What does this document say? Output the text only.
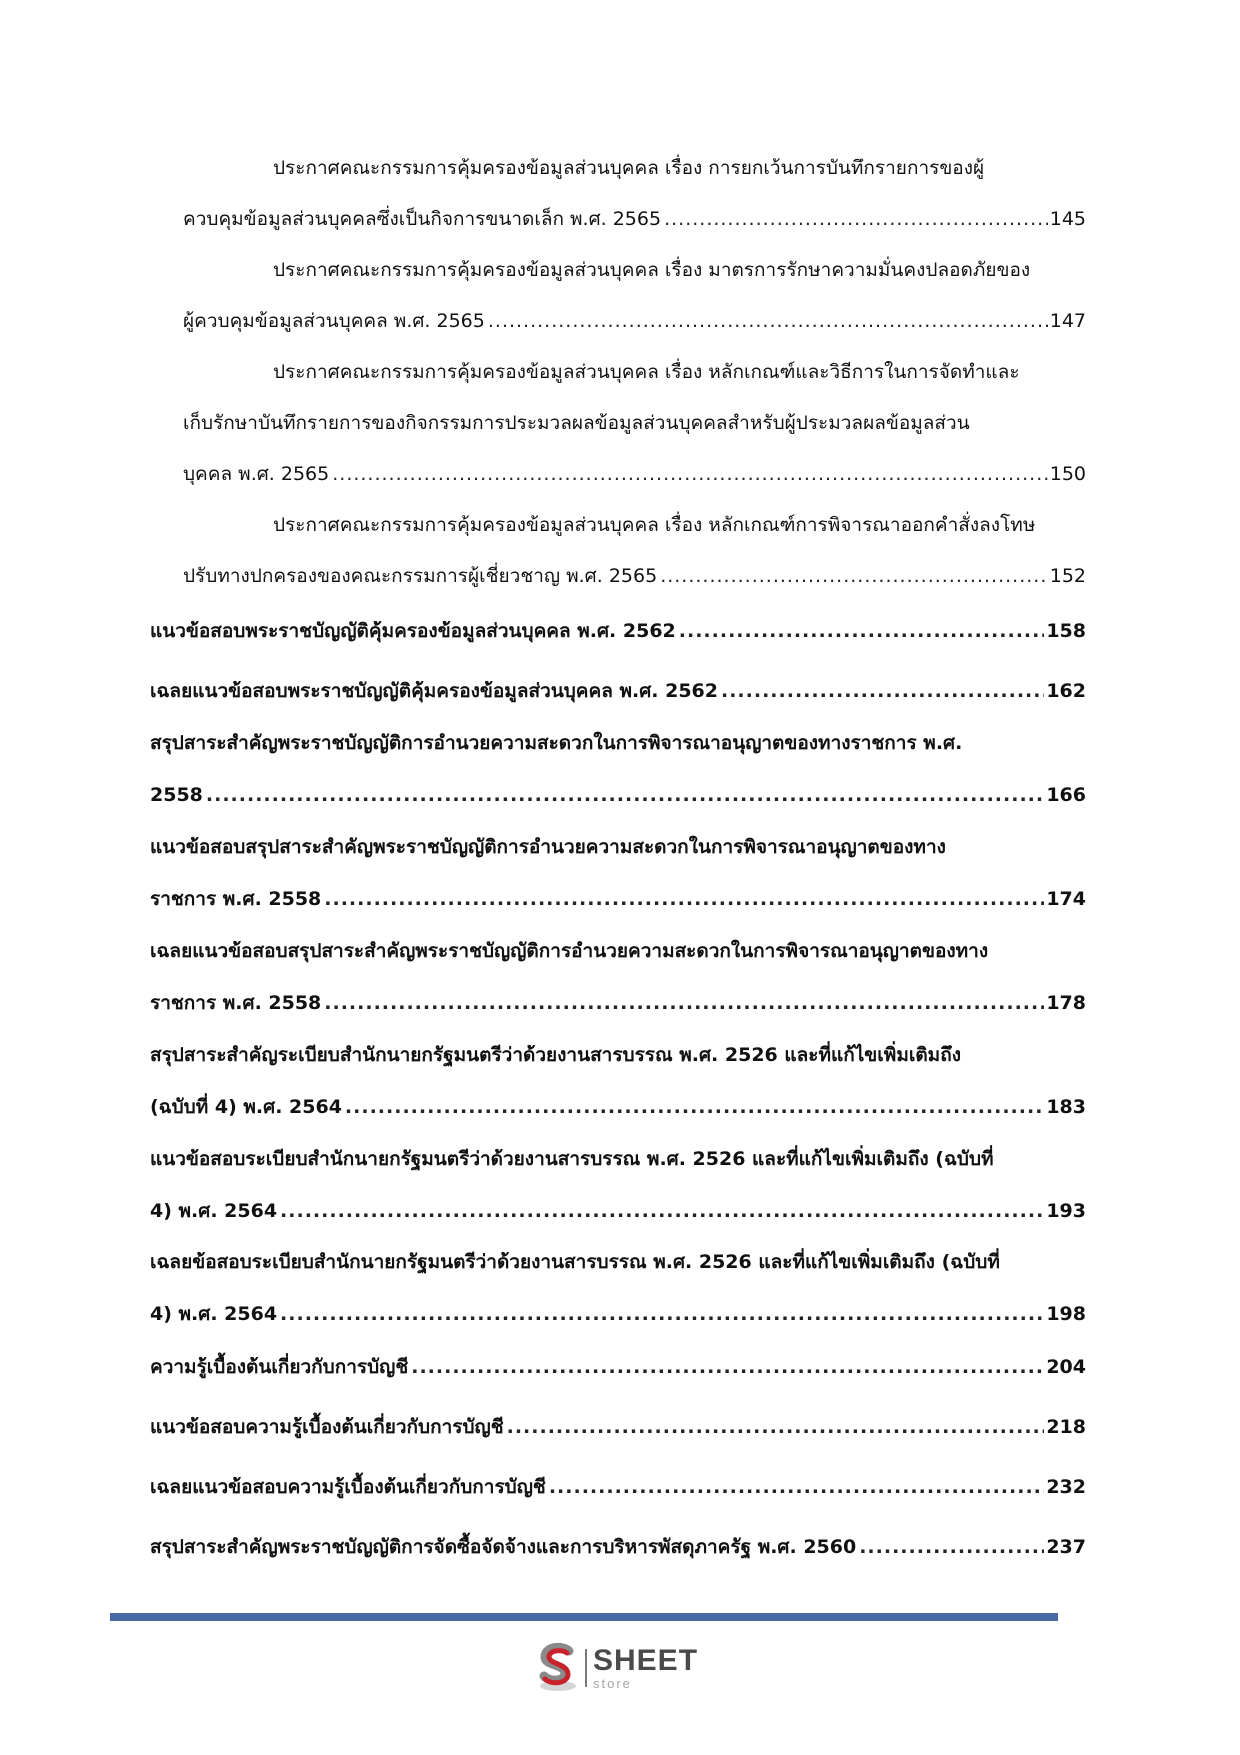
ประกาศคณะกรรมการคุ้มครองข้อมูลส่วนบุคคล เรื่อง การยกเว้นการบันทึกรายการของผู้
ควบคุมข้อมูลส่วนบุคคลซึ่งเป็นกิจการขนาดเล็ก พ.ศ. 2565 .....	145
ประกาศคณะกรรมการคุ้มครองข้อมูลส่วนบุคคล เรื่อง มาตรการรักษาความมั่นคงปลอดภัยของ
ผู้ควบคุมข้อมูลส่วนบุคคล พ.ศ. 2565 .....	147
ประกาศคณะกรรมการคุ้มครองข้อมูลส่วนบุคคล เรื่อง หลักเกณฑ์และวิธีการในการจัดทำและ
เก็บรักษาบันทึกรายการของกิจกรรมการประมวลผลข้อมูลส่วนบุคคลสำหรับผู้ประมวลผลข้อมูลส่วน
บุคคล พ.ศ. 2565 .....	150
ประกาศคณะกรรมการคุ้มครองข้อมูลส่วนบุคคล เรื่อง หลักเกณฑ์การพิจารณาออกคำสั่งลงโทษ
ปรับทางปกครองของคณะกรรมการผู้เชี่ยวชาญ พ.ศ. 2565 .....	152
แนวข้อสอบพระราชบัญญัติคุ้มครองข้อมูลส่วนบุคคล พ.ศ. 2562 .....	158
เฉลยแนวข้อสอบพระราชบัญญัติคุ้มครองข้อมูลส่วนบุคคล พ.ศ. 2562 .....	162
สรุปสาระสำคัญพระราชบัญญัติการอำนวยความสะดวกในการพิจารณาอนุญาตของทางราชการ พ.ศ.
2558 .....	166
แนวข้อสอบสรุปสาระสำคัญพระราชบัญญัติการอำนวยความสะดวกในการพิจารณาอนุญาตของทาง
ราชการ พ.ศ. 2558 .....	174
เฉลยแนวข้อสอบสรุปสาระสำคัญพระราชบัญญัติการอำนวยความสะดวกในการพิจารณาอนุญาตของทาง
ราชการ พ.ศ. 2558 .....	178
สรุปสาระสำคัญระเบียบสำนักนายกรัฐมนตรีว่าด้วยงานสารบรรณ พ.ศ. 2526 และที่แก้ไขเพิ่มเติมถึง
(ฉบับที่ 4) พ.ศ. 2564 .....	183
แนวข้อสอบระเบียบสำนักนายกรัฐมนตรีว่าด้วยงานสารบรรณ พ.ศ. 2526 และที่แก้ไขเพิ่มเติมถึง (ฉบับที่
4) พ.ศ. 2564 .....	193
เฉลยข้อสอบระเบียบสำนักนายกรัฐมนตรีว่าด้วยงานสารบรรณ พ.ศ. 2526 และที่แก้ไขเพิ่มเติมถึง (ฉบับที่
4) พ.ศ. 2564 .....	198
ความรู้เบื้องต้นเกี่ยวกับการบัญชี .....	204
แนวข้อสอบความรู้เบื้องต้นเกี่ยวกับการบัญชี .....	218
เฉลยแนวข้อสอบความรู้เบื้องต้นเกี่ยวกับการบัญชี .....	232
สรุปสาระสำคัญพระราชบัญญัติการจัดซื้อจัดจ้างและการบริหารพัสดุภาครัฐ พ.ศ. 2560 .....	237
SHEET
store
